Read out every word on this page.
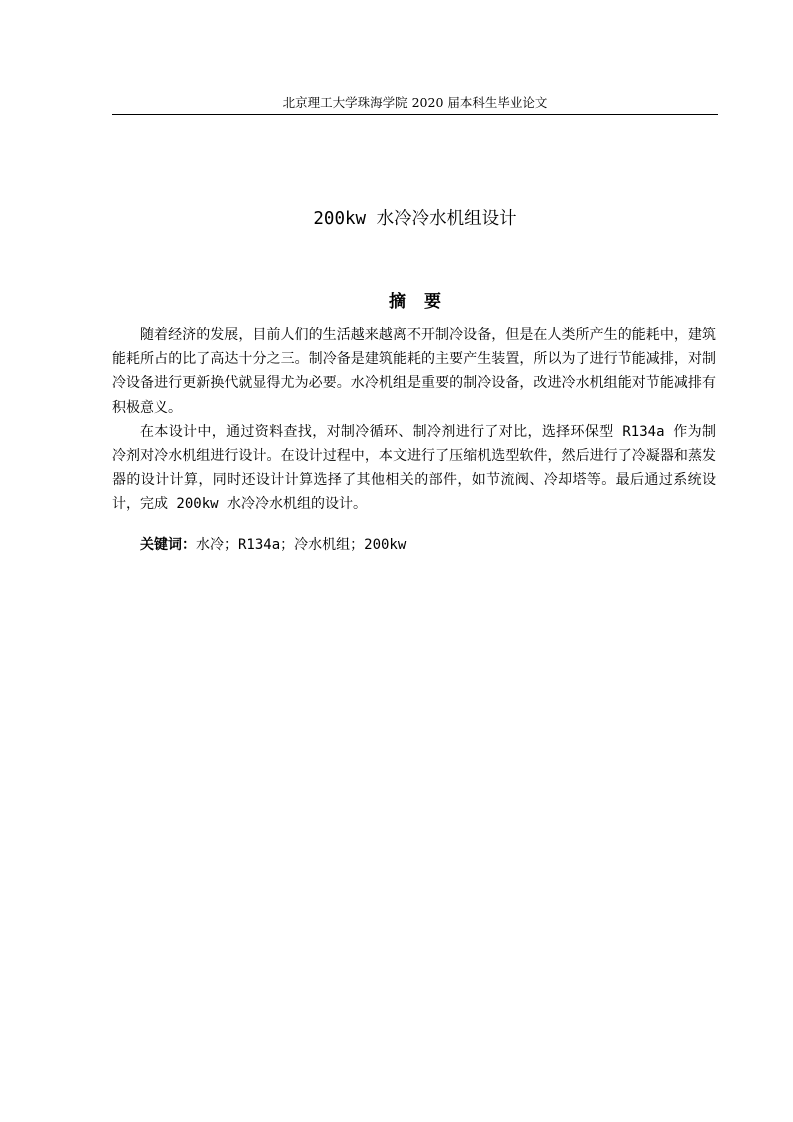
北京理工大学珠海学院 2020 届本科生毕业论文
200kw 水冷冷水机组设计
摘要

随着经济的发展，目前人们的生活越来越离不开制冷设备，但是在人类所产生的能耗中，建筑能耗所占的比了高达十分之三。制冷备是建筑能耗的主要产生装置，所以为了进行节能减排，对制冷设备进行更新换代就显得尤为必要。水冷机组是重要的制冷设备，改进冷水机组能对节能减排有积极意义。

在本设计中，通过资料查找，对制冷循环、制冷剂进行了对比，选择环保型 R134a 作为制冷剂对冷水机组进行设计。在设计过程中，本文进行了压缩机选型软件，然后进行了冷凝器和蒸发器的设计计算，同时还设计计算选择了其他相关的部件，如节流阀、冷却塔等。最后通过系统设计，完成 200kw 水冷冷水机组的设计。

关键词：水冷；R134a；冷水机组；200kw
